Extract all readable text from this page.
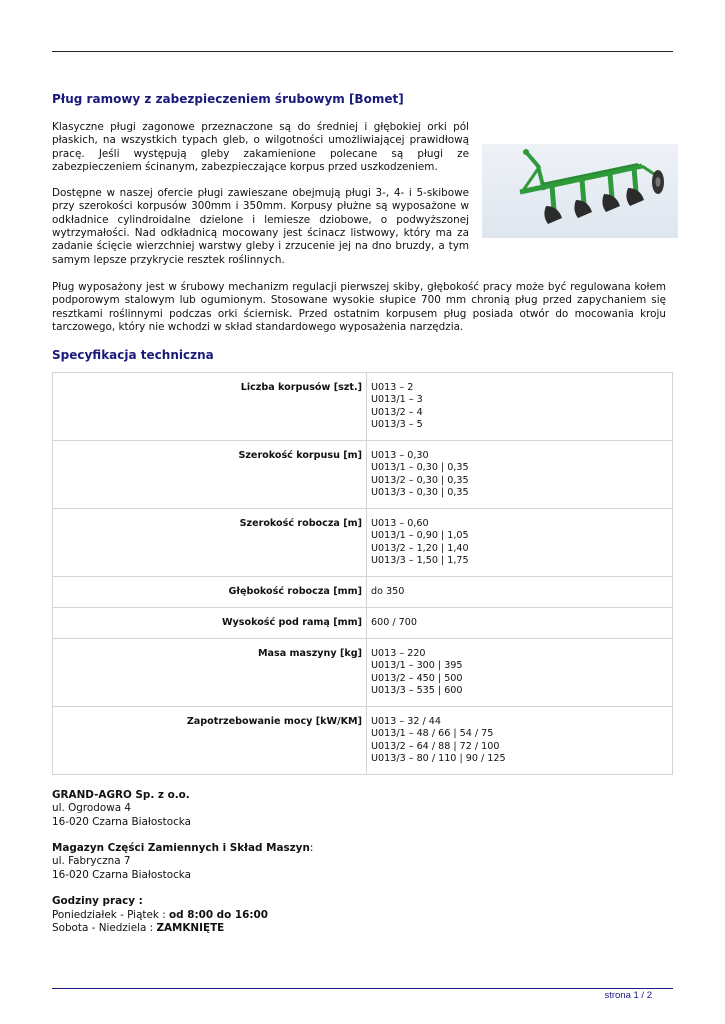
Pług ramowy z zabezpieczeniem śrubowym [Bomet]

Klasyczne pługi zagonowe przeznaczone są do średniej i głębokiej orki pól płaskich, na wszystkich typach gleb, o wilgotności umożliwiającej prawidłową pracę. Jeśli występują gleby zakamienione polecane są pługi ze zabezpieczeniem ścinanym, zabezpieczające korpus przed uszkodzeniem.

Dostępne w naszej ofercie pługi zawieszane obejmują pługi 3-, 4- i 5-skibowe przy szerokości korpusów 300mm i 350mm. Korpusy płużne są wyposażone w odkładnice cylindroidalne dzielone i lemiesze dziobowe, o podwyższonej wytrzymałości. Nad odkładnicą mocowany jest ścinacz listwowy, który ma za zadanie ścięcie wierzchniej warstwy gleby i zrzucenie jej na dno bruzdy, a tym samym lepsze przykrycie resztek roślinnych.

Pług wyposażony jest w śrubowy mechanizm regulacji pierwszej skiby, głębokość pracy może być regulowana kołem podporowym stalowym lub ogumionym. Stosowane wysokie słupice 700 mm chronią pług przed zapychaniem się resztkami roślinnymi podczas orki ściernisk. Przed ostatnim korpusem pług posiada otwór do mocowania kroju tarczowego, który nie wchodzi w skład standardowego wyposażenia narzędzia.

Specyfikacja techniczna
Liczba korpusów [szt.]	U013 – 2
U013/1 – 3
U013/2 – 4
U013/3 – 5

Szerokość korpusu [m]	U013 – 0,30
U013/1 – 0,30 | 0,35
U013/2 – 0,30 | 0,35
U013/3 – 0,30 | 0,35

Szerokość robocza [m]	U013 – 0,60
U013/1 – 0,90 | 1,05
U013/2 – 1,20 | 1,40
U013/3 – 1,50 | 1,75

Głębokość robocza [mm]	do 350

Wysokość pod ramą [mm]	600 / 700

Masa maszyny [kg]	U013 – 220
U013/1 – 300 | 395
U013/2 – 450 | 500
U013/3 – 535 | 600

Zapotrzebowanie mocy [kW/KM]	U013 – 32 / 44
U013/1 – 48 / 66 | 54 / 75
U013/2 – 64 / 88 | 72 / 100
U013/3 – 80 / 110 | 90 / 125
GRAND-AGRO Sp. z o.o.
ul. Ogrodowa 4
16-020 Czarna Białostocka
Magazyn Części Zamiennych i Skład Maszyn:
ul. Fabryczna 7
16-020 Czarna Białostocka
Godziny pracy :
Poniedziałek - Piątek : od 8:00 do 16:00
Sobota - Niedziela : ZAMKNIĘTE
strona 1 / 2
